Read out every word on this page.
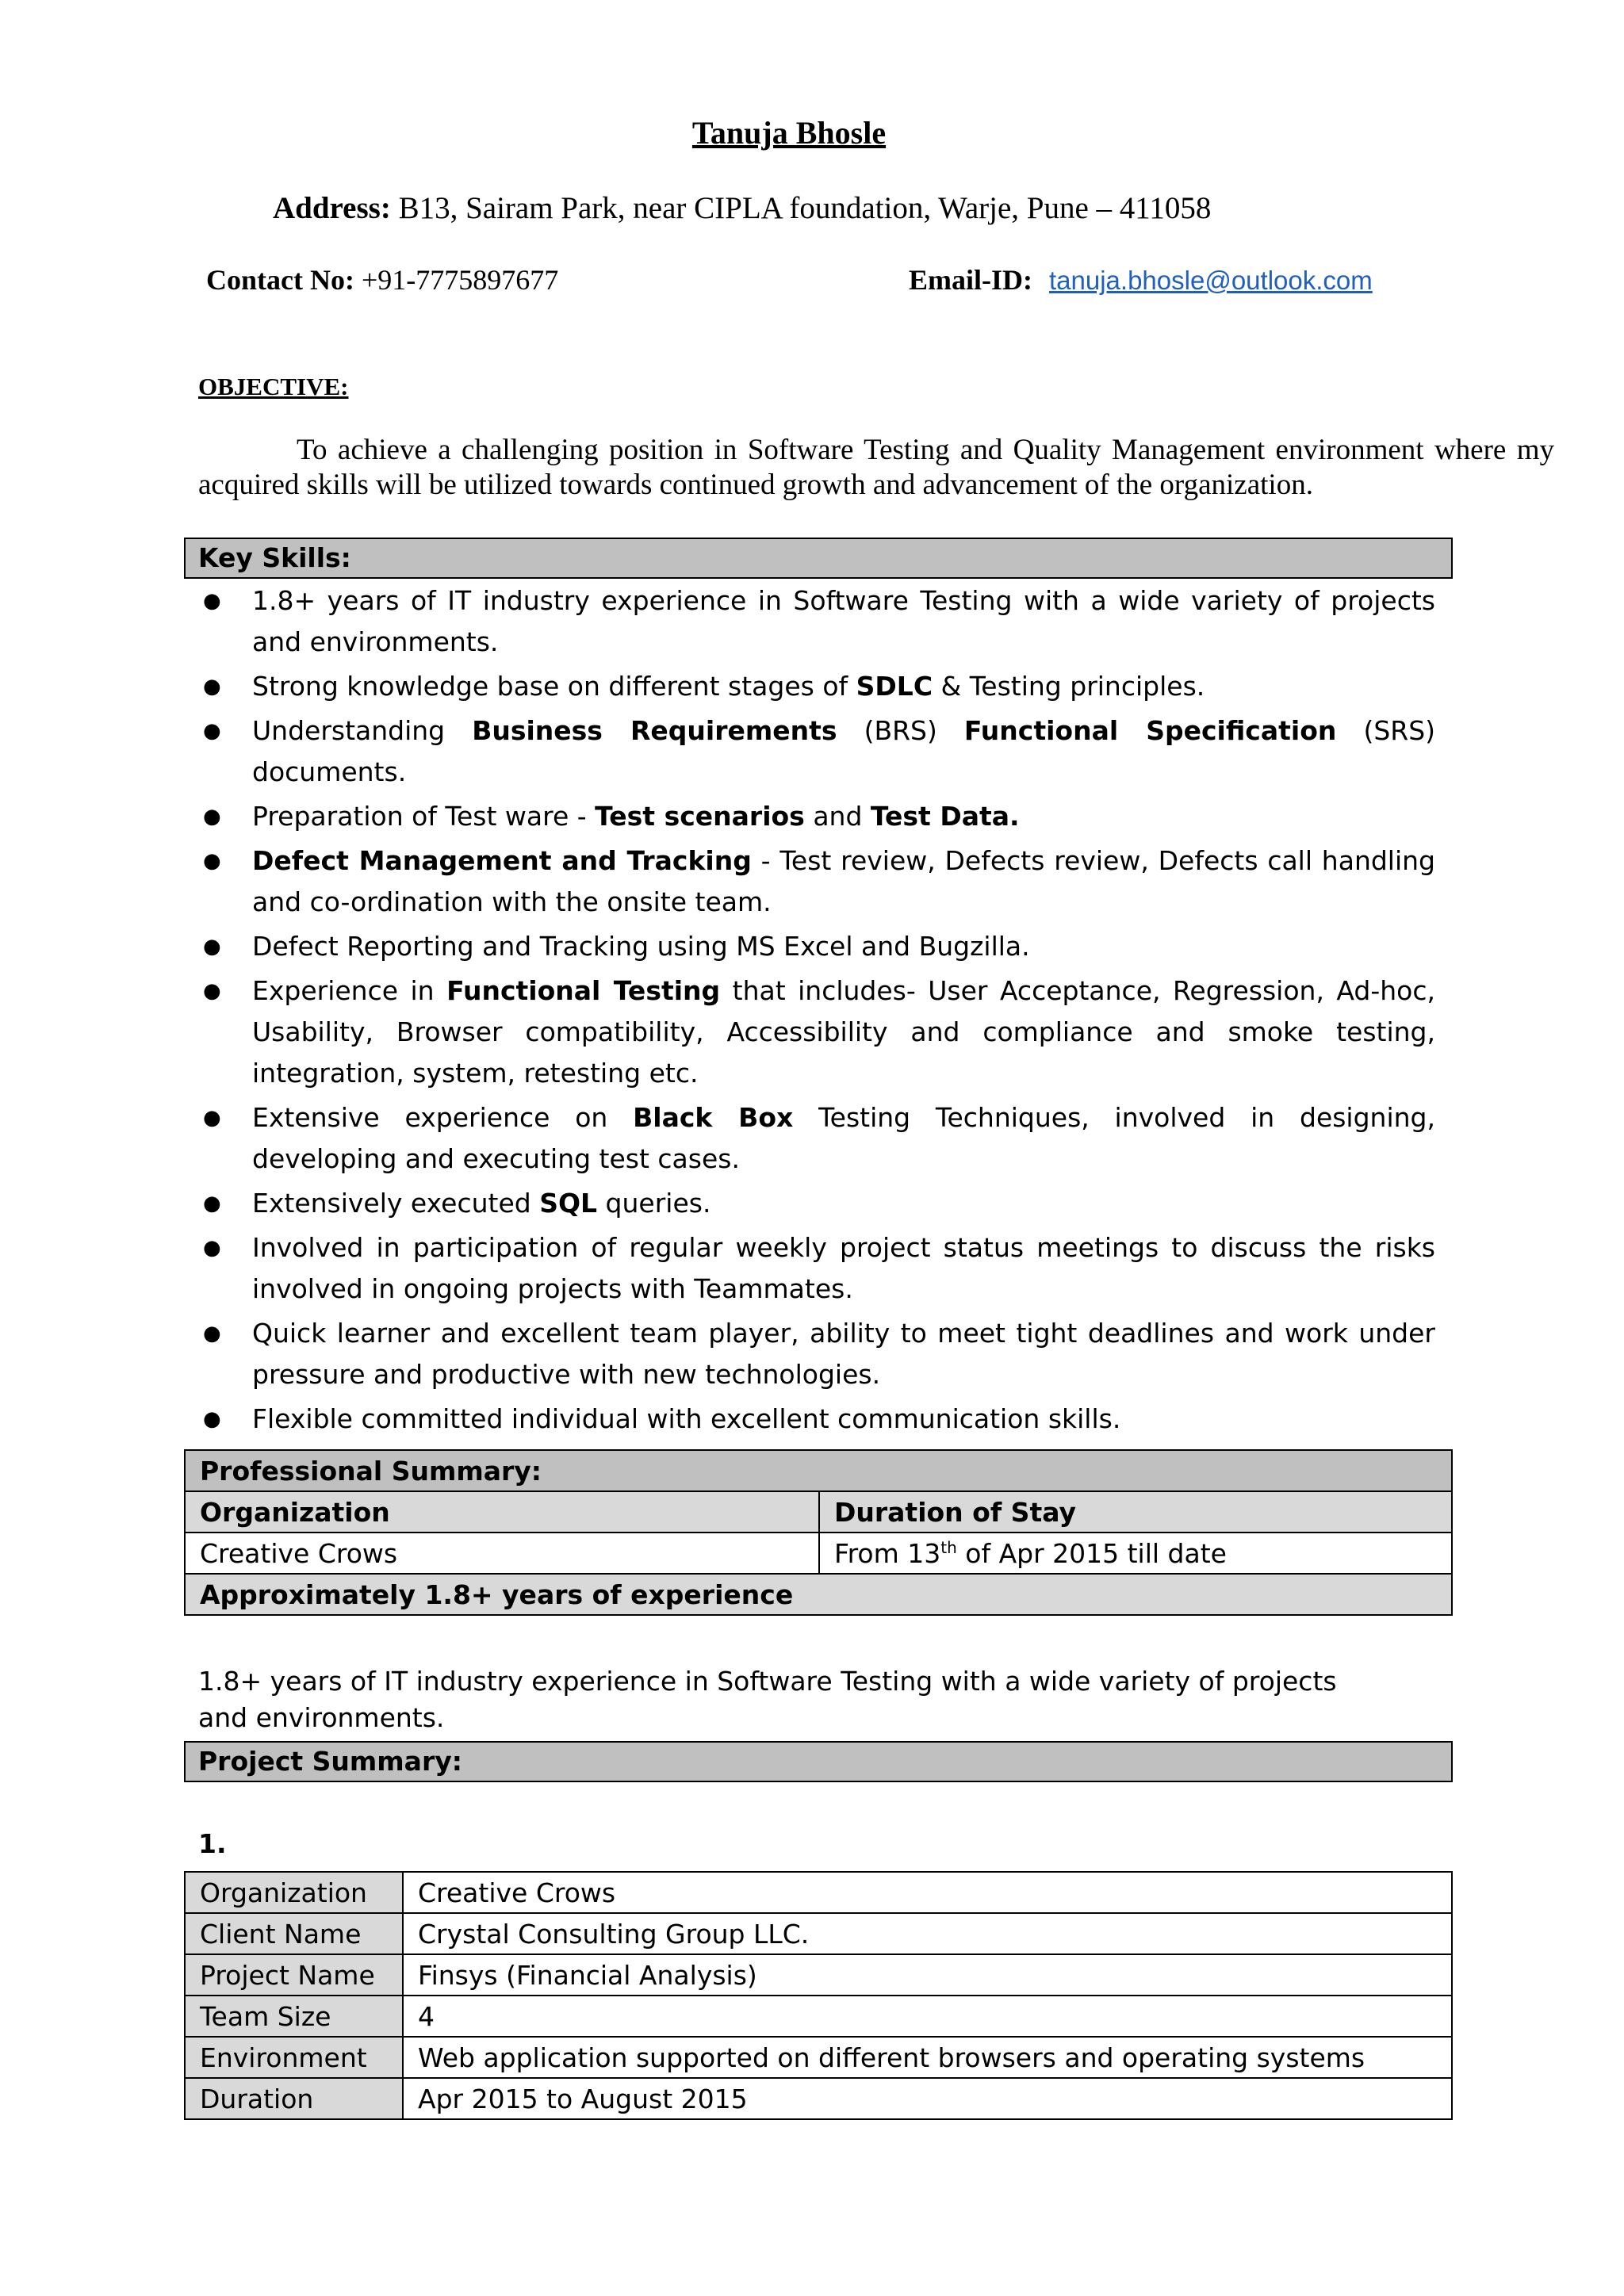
Tanuja Bhosle
Address: B13, Sairam Park, near CIPLA foundation, Warje, Pune – 411058
Contact No: +91-7775897677	Email-ID: tanuja.bhosle@outlook.com
OBJECTIVE:
To achieve a challenging position in Software Testing and Quality Management environment where my acquired skills will be utilized towards continued growth and advancement of the organization.
Key Skills:
● 1.8+ years of IT industry experience in Software Testing with a wide variety of projects and environments.
● Strong knowledge base on different stages of SDLC & Testing principles.
● Understanding Business Requirements (BRS) Functional Specification (SRS) documents.
● Preparation of Test ware - Test scenarios and Test Data.
● Defect Management and Tracking - Test review, Defects review, Defects call handling and co-ordination with the onsite team.
● Defect Reporting and Tracking using MS Excel and Bugzilla.
● Experience in Functional Testing that includes- User Acceptance, Regression, Ad-hoc, Usability, Browser compatibility, Accessibility and compliance and smoke testing, integration, system, retesting etc.
● Extensive experience on Black Box Testing Techniques, involved in designing, developing and executing test cases.
● Extensively executed SQL queries.
● Involved in participation of regular weekly project status meetings to discuss the risks involved in ongoing projects with Teammates.
● Quick learner and excellent team player, ability to meet tight deadlines and work under pressure and productive with new technologies.
● Flexible committed individual with excellent communication skills.
Professional Summary:	
Organization	Duration of Stay
Creative Crows	From 13th of Apr 2015 till date
Approximately 1.8+ years of experience	
1.8+ years of IT industry experience in Software Testing with a wide variety of projects and environments.
Project Summary:
1.
Organization	Creative Crows
Client Name	Crystal Consulting Group LLC.
Project Name	Finsys (Financial Analysis)
Team Size	4
Environment	Web application supported on different browsers and operating systems
Duration	Apr 2015 to August 2015
